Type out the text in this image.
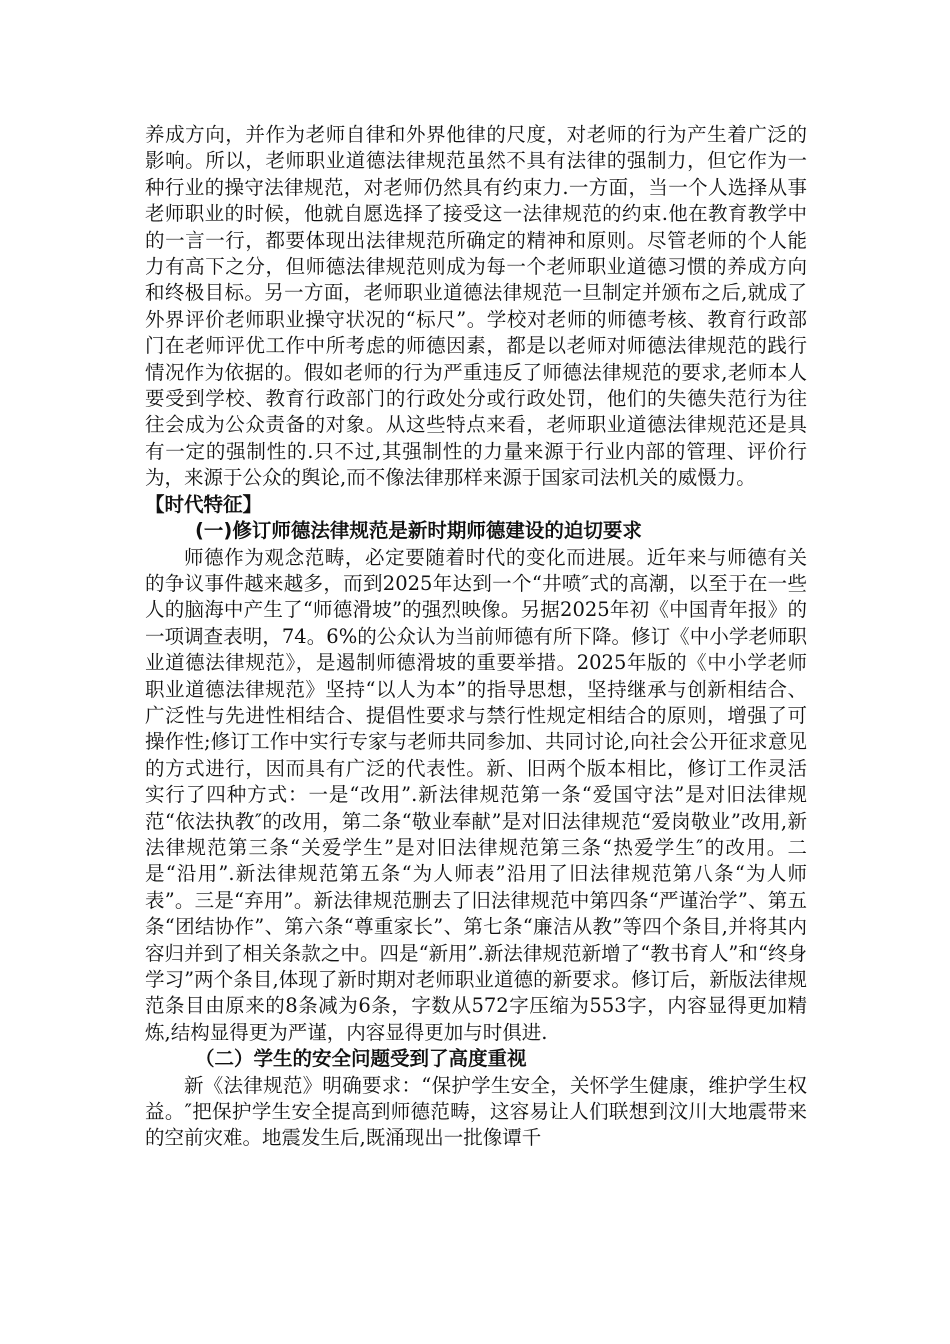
养成方向，并作为老师自律和外界他律的尺度，对老师的行为产生着广泛的影响。所以，老师职业道德法律规范虽然不具有法律的强制力，但它作为一种行业的操守法律规范，对老师仍然具有约束力.一方面，当一个人选择从事老师职业的时候，他就自愿选择了接受这一法律规范的约束.他在教育教学中的一言一行，都要体现出法律规范所确定的精神和原则。尽管老师的个人能力有高下之分，但师德法律规范则成为每一个老师职业道德习惯的养成方向和终极目标。另一方面，老师职业道德法律规范一旦制定并颁布之后,就成了外界评价老师职业操守状况的“标尺”。学校对老师的师德考核、教育行政部门在老师评优工作中所考虑的师德因素，都是以老师对师德法律规范的践行情况作为依据的。假如老师的行为严重违反了师德法律规范的要求,老师本人要受到学校、教育行政部门的行政处分或行政处罚，他们的失德失范行为往往会成为公众责备的对象。从这些特点来看，老师职业道德法律规范还是具有一定的强制性的.只不过,其强制性的力量来源于行业内部的管理、评价行为，来源于公众的舆论,而不像法律那样来源于国家司法机关的威慑力。

【时代特征】

(一)修订师德法律规范是新时期师德建设的迫切要求

师德作为观念范畴，必定要随着时代的变化而进展。近年来与师德有关的争议事件越来越多，而到2025年达到一个“井喷″式的高潮，以至于在一些人的脑海中产生了“师德滑坡”的强烈映像。另据2025年初《中国青年报》的一项调查表明，74。6%的公众认为当前师德有所下降。修订《中小学老师职业道德法律规范》，是遏制师德滑坡的重要举措。2025年版的《中小学老师职业道德法律规范》坚持“以人为本”的指导思想，坚持继承与创新相结合、广泛性与先进性相结合、提倡性要求与禁行性规定相结合的原则，增强了可操作性;修订工作中实行专家与老师共同参加、共同讨论,向社会公开征求意见的方式进行，因而具有广泛的代表性。新、旧两个版本相比，修订工作灵活实行了四种方式：一是“改用”.新法律规范第一条“爱国守法”是对旧法律规范“依法执教″的改用，第二条“敬业奉献”是对旧法律规范“爱岗敬业”改用,新法律规范第三条“关爱学生”是对旧法律规范第三条“热爱学生″的改用。二是“沿用”.新法律规范第五条“为人师表”沿用了旧法律规范第八条“为人师表”。三是“弃用”。新法律规范删去了旧法律规范中第四条“严谨治学”、第五条“团结协作”、第六条“尊重家长”、第七条“廉洁从教”等四个条目,并将其内容归并到了相关条款之中。四是“新用”.新法律规范新增了“教书育人”和“终身学习”两个条目,体现了新时期对老师职业道德的新要求。修订后，新版法律规范条目由原来的8条减为6条，字数从572字压缩为553字，内容显得更加精炼,结构显得更为严谨，内容显得更加与时俱进.

（二）学生的安全问题受到了高度重视

新《法律规范》明确要求：“保护学生安全，关怀学生健康，维护学生权益。″把保护学生安全提高到师德范畴，这容易让人们联想到汶川大地震带来的空前灾难。地震发生后,既涌现出一批像谭千
